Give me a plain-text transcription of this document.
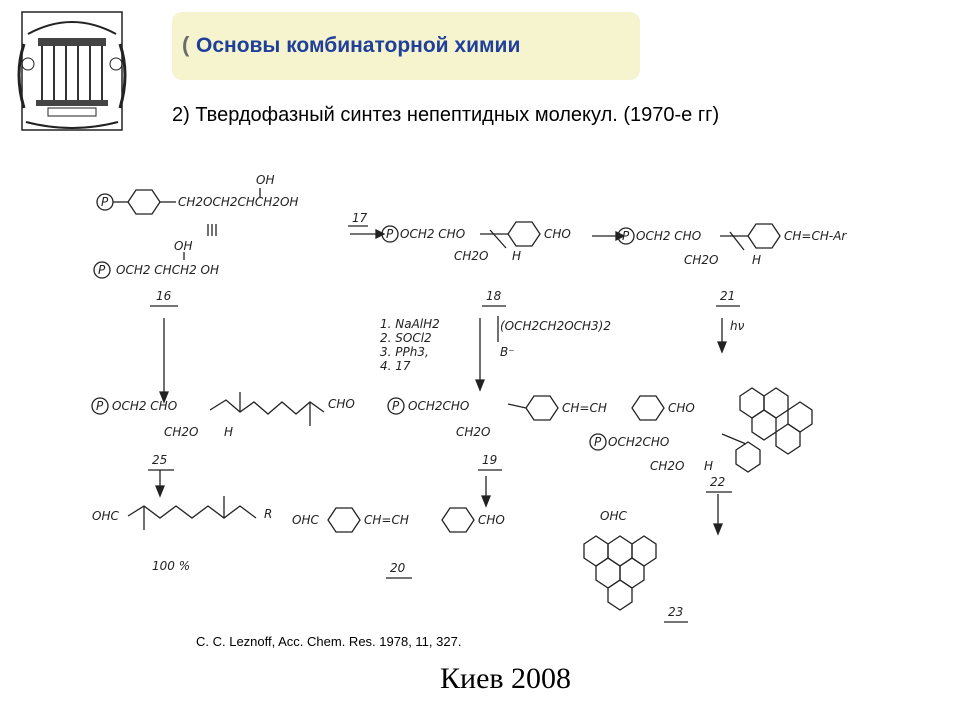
( Основы комбинаторной химии
2) Твердофазный синтез непептидных молекул. (1970-е гг)
P	CH2OCH2CHCH2OH
OH
P OCH2 CHCH2 OH
OH
P OCH2 CHO
CH2O H
CHO	P OCH2 CHO
CH2O	H
CH=CH-Ar
P OCH2 CHO
CH2O H
CHO	P OCH2CHO
CH2O
CH=CH	CHO
P OCH2CHO
CH2O H
OHC	R OHC	CH=CH	CHO	OHC
16
17
18	21
25	19
22
20
23
1. NaAlH2
2. SOCl2
3. PPh3,
4. 17
(OCH2CH2OCH3)2
B⁻
hν
100 %
C. C. Leznoff, Acc. Chem. Res. 1978, 11, 327.
Киев 2008
